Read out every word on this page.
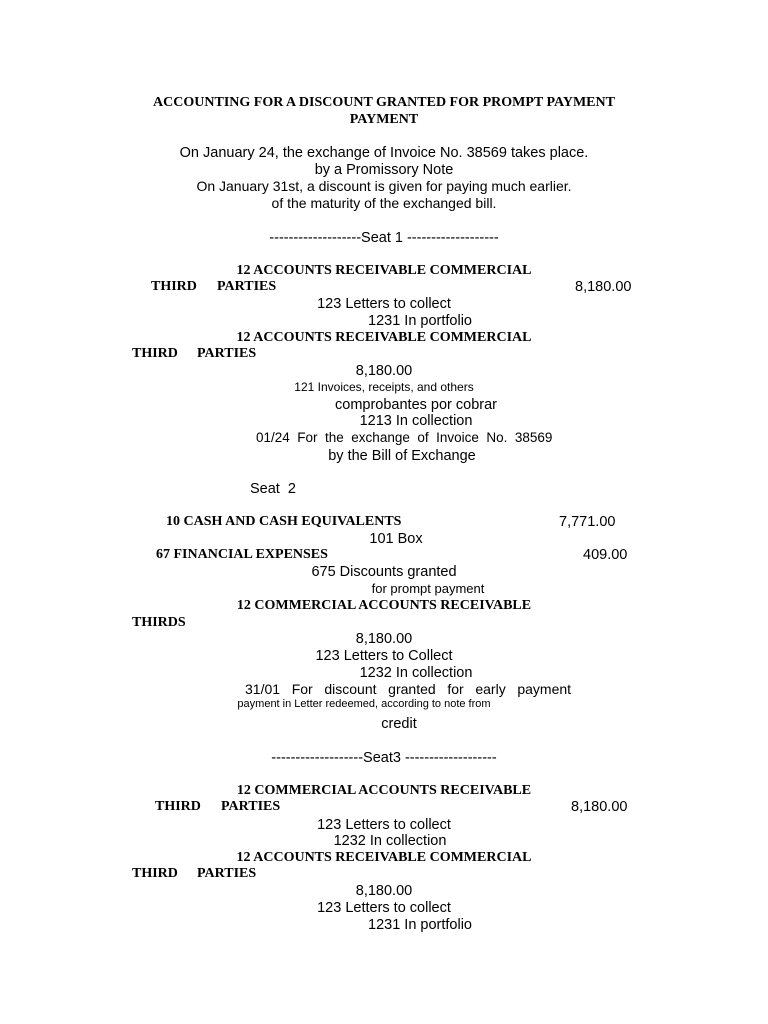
ACCOUNTING FOR A DISCOUNT GRANTED FOR PROMPT PAYMENT
PAYMENT
On January 24, the exchange of Invoice No. 38569 takes place.
by a Promissory Note
On January 31st, a discount is given for paying much earlier.
of the maturity of the exchanged bill.
-------------------Seat 1 -------------------
12 ACCOUNTS RECEIVABLE COMMERCIAL
THIRD PARTIES	8,180.00
123 Letters to collect
1231 In portfolio
12 ACCOUNTS RECEIVABLE COMMERCIAL
THIRD PARTIES
8,180.00
121 Invoices, receipts, and others
comprobantes por cobrar
1213 In collection
01/24  For  the  exchange  of  Invoice  No.  38569
by the Bill of Exchange
Seat  2
10 CASH AND CASH EQUIVALENTS	7,771.00
101 Box
67 FINANCIAL EXPENSES	409.00
675 Discounts granted
for prompt payment
12 COMMERCIAL ACCOUNTS RECEIVABLE
THIRDS
8,180.00
123 Letters to Collect
1232 In collection
31/01   For   discount   granted   for   early   payment
payment in Letter redeemed, according to note from
credit
-------------------Seat3 -------------------
12 COMMERCIAL ACCOUNTS RECEIVABLE
THIRD PARTIES	8,180.00
123 Letters to collect
1232 In collection
12 ACCOUNTS RECEIVABLE COMMERCIAL
THIRD PARTIES
8,180.00
123 Letters to collect
1231 In portfolio
